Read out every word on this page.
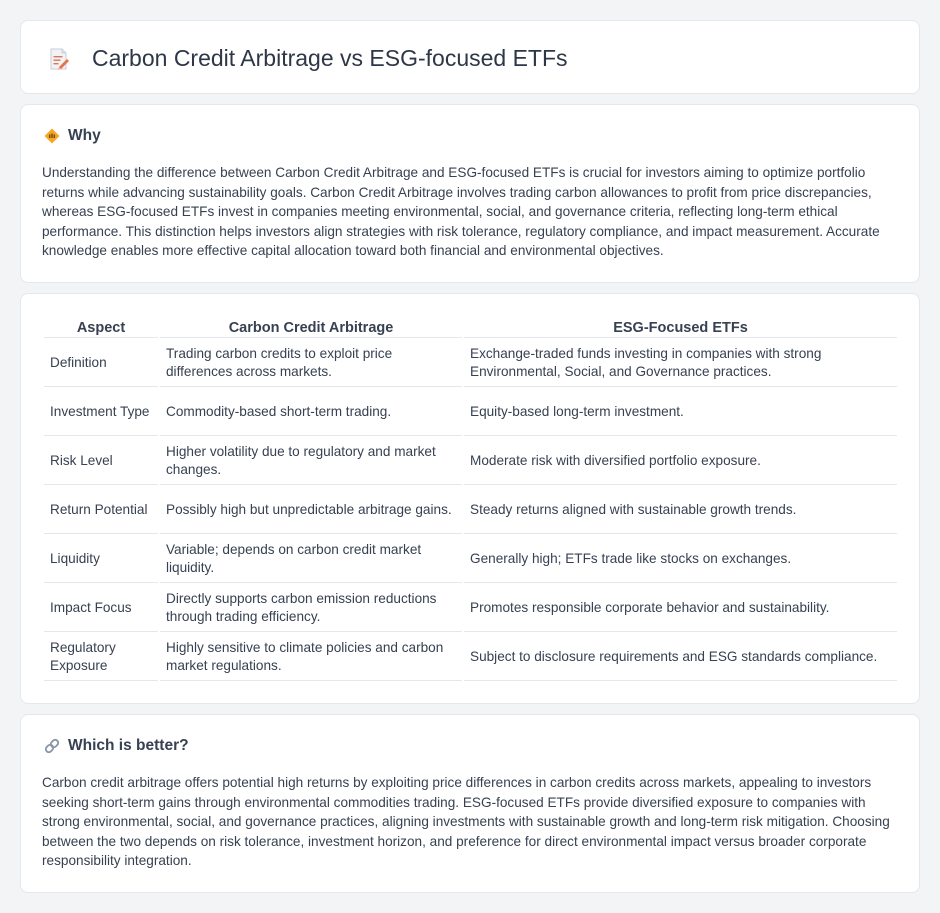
Carbon Credit Arbitrage vs ESG-focused ETFs
Why

Understanding the difference between Carbon Credit Arbitrage and ESG-focused ETFs is crucial for investors aiming to optimize portfolio returns while advancing sustainability goals. Carbon Credit Arbitrage involves trading carbon allowances to profit from price discrepancies, whereas ESG-focused ETFs invest in companies meeting environmental, social, and governance criteria, reflecting long-term ethical performance. This distinction helps investors align strategies with risk tolerance, regulatory compliance, and impact measurement. Accurate knowledge enables more effective capital allocation toward both financial and environmental objectives.

Aspect	Carbon Credit Arbitrage	ESG-Focused ETFs
Definition	Trading carbon credits to exploit price differences across markets.	Exchange-traded funds investing in companies with strong Environmental, Social, and Governance practices.
Investment Type	Commodity-based short-term trading.	Equity-based long-term investment.
Risk Level	Higher volatility due to regulatory and market changes.	Moderate risk with diversified portfolio exposure.
Return Potential	Possibly high but unpredictable arbitrage gains.	Steady returns aligned with sustainable growth trends.
Liquidity	Variable; depends on carbon credit market liquidity.	Generally high; ETFs trade like stocks on exchanges.
Impact Focus	Directly supports carbon emission reductions through trading efficiency.	Promotes responsible corporate behavior and sustainability.
Regulatory Exposure	Highly sensitive to climate policies and carbon market regulations.	Subject to disclosure requirements and ESG standards compliance.
Which is better?

Carbon credit arbitrage offers potential high returns by exploiting price differences in carbon credits across markets, appealing to investors seeking short-term gains through environmental commodities trading. ESG-focused ETFs provide diversified exposure to companies with strong environmental, social, and governance practices, aligning investments with sustainable growth and long-term risk mitigation. Choosing between the two depends on risk tolerance, investment horizon, and preference for direct environmental impact versus broader corporate responsibility integration.
